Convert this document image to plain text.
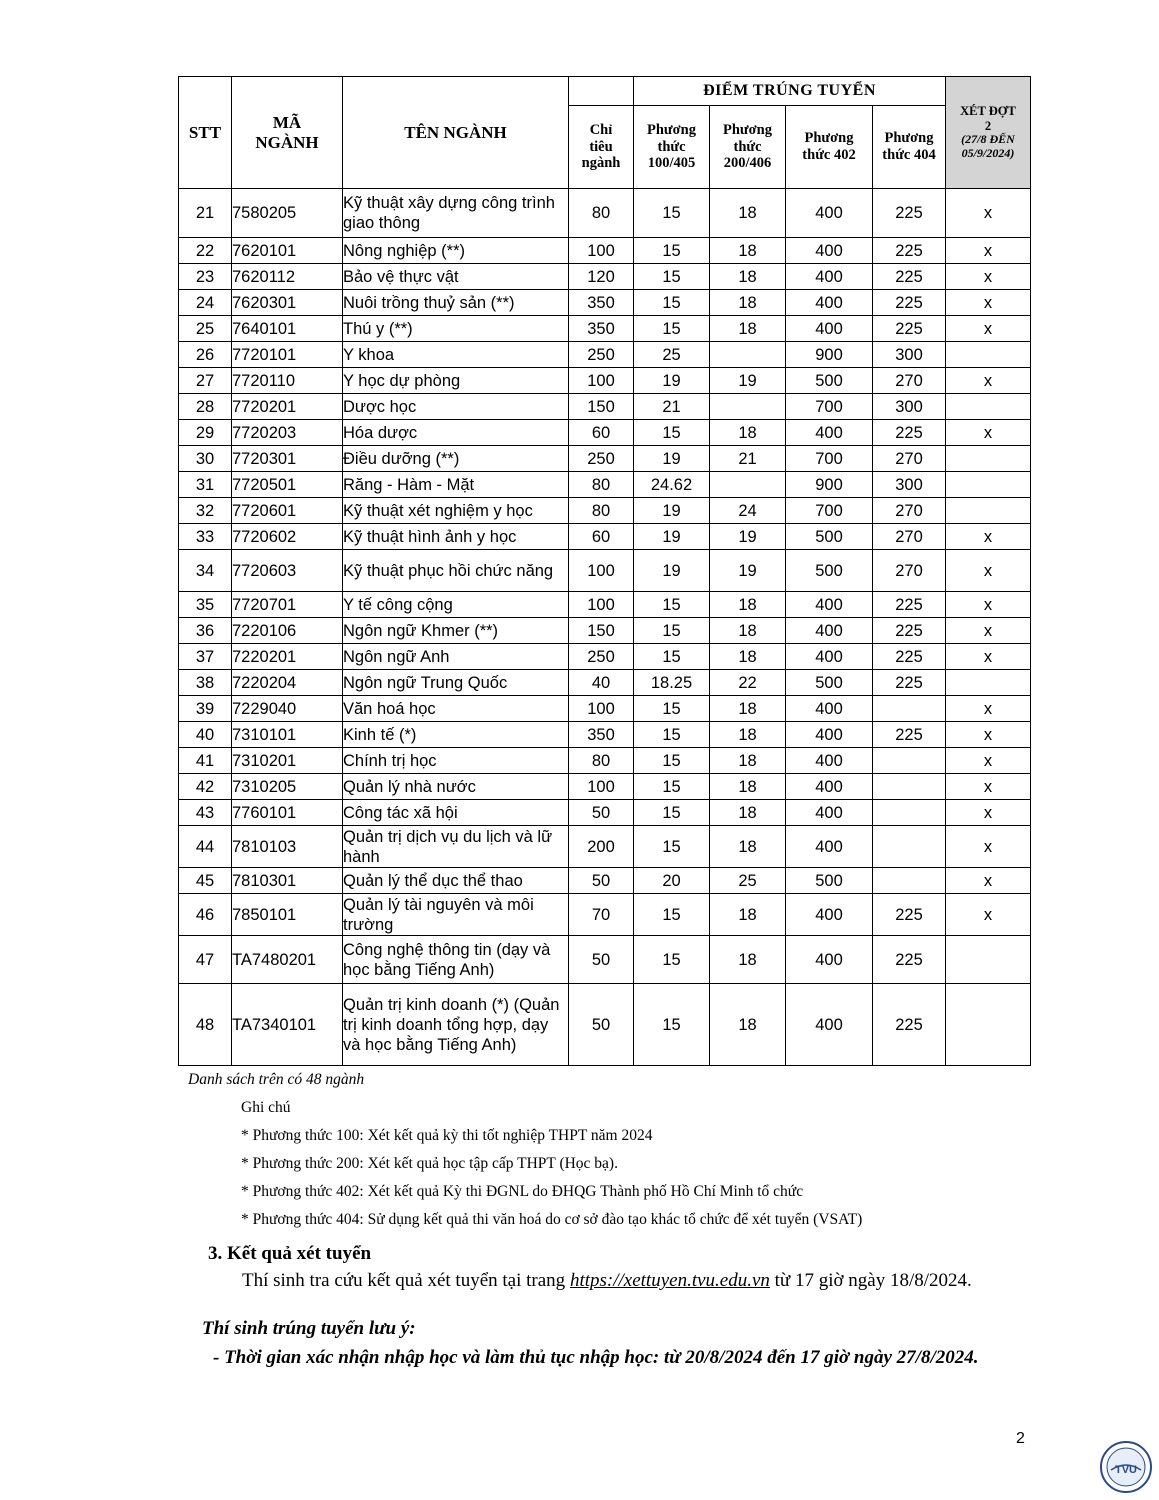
STT	MÃ NGÀNH	TÊN NGÀNH		ĐIỂM TRÚNG TUYỂN				XÉT ĐỢT 2
(27/8 ĐẾN 05/9/2024)

			Chỉ tiêu ngành	Phương thức 100/405	Phương thức 200/406	Phương thức 402	Phương thức 404	
21	7580205	Kỹ thuật xây dựng công trình giao thông	80	15	18	400	225	x
22	7620101	Nông nghiệp (**)	100	15	18	400	225	x
23	7620112	Bảo vệ thực vật	120	15	18	400	225	x
24	7620301	Nuôi trồng thuỷ sản (**)	350	15	18	400	225	x
25	7640101	Thú y (**)	350	15	18	400	225	x
26	7720101	Y khoa	250	25		900	300	
27	7720110	Y học dự phòng	100	19	19	500	270	x
28	7720201	Dược học	150	21		700	300	
29	7720203	Hóa dược	60	15	18	400	225	x
30	7720301	Điều dưỡng (**)	250	19	21	700	270	
31	7720501	Răng - Hàm - Mặt	80	24.62		900	300	
32	7720601	Kỹ thuật xét nghiệm y học	80	19	24	700	270	
33	7720602	Kỹ thuật hình ảnh y học	60	19	19	500	270	x
34	7720603	Kỹ thuật phục hồi chức năng	100	19	19	500	270	x
35	7720701	Y tế công cộng	100	15	18	400	225	x
36	7220106	Ngôn ngữ Khmer (**)	150	15	18	400	225	x
37	7220201	Ngôn ngữ Anh	250	15	18	400	225	x
38	7220204	Ngôn ngữ Trung Quốc	40	18.25	22	500	225	
39	7229040	Văn hoá học	100	15	18	400		x
40	7310101	Kinh tế (*)	350	15	18	400	225	x
41	7310201	Chính trị học	80	15	18	400		x
42	7310205	Quản lý nhà nước	100	15	18	400		x
43	7760101	Công tác xã hội	50	15	18	400		x
44	7810103	Quản trị dịch vụ du lịch và lữ hành	200	15	18	400		x
45	7810301	Quản lý thể dục thể thao	50	20	25	500		x
46	7850101	Quản lý tài nguyên và môi trường	70	15	18	400	225	x
47	TA7480201	Công nghệ thông tin (dạy và học bằng Tiếng Anh)	50	15	18	400	225	
48	TA7340101	Quản trị kinh doanh (*) (Quản trị kinh doanh tổng hợp, dạy và học bằng Tiếng Anh)	50	15	18	400	225	
Danh sách trên có 48 ngành
Ghi chú
* Phương thức 100: Xét kết quả kỳ thi tốt nghiệp THPT năm 2024
* Phương thức 200: Xét kết quả học tập cấp THPT (Học bạ).
* Phương thức 402: Xét kết quả Kỳ thi ĐGNL do ĐHQG Thành phố Hồ Chí Minh tổ chức
* Phương thức 404: Sử dụng kết quả thi văn hoá do cơ sở đào tạo khác tổ chức để xét tuyển (VSAT)
3. Kết quả xét tuyển
Thí sinh tra cứu kết quả xét tuyển tại trang https://xettuyen.tvu.edu.vn từ 17 giờ ngày 18/8/2024.
Thí sinh trúng tuyển lưu ý:
- Thời gian xác nhận nhập học và làm thủ tục nhập học: từ 20/8/2024 đến 17 giờ ngày 27/8/2024.
2
TVU
